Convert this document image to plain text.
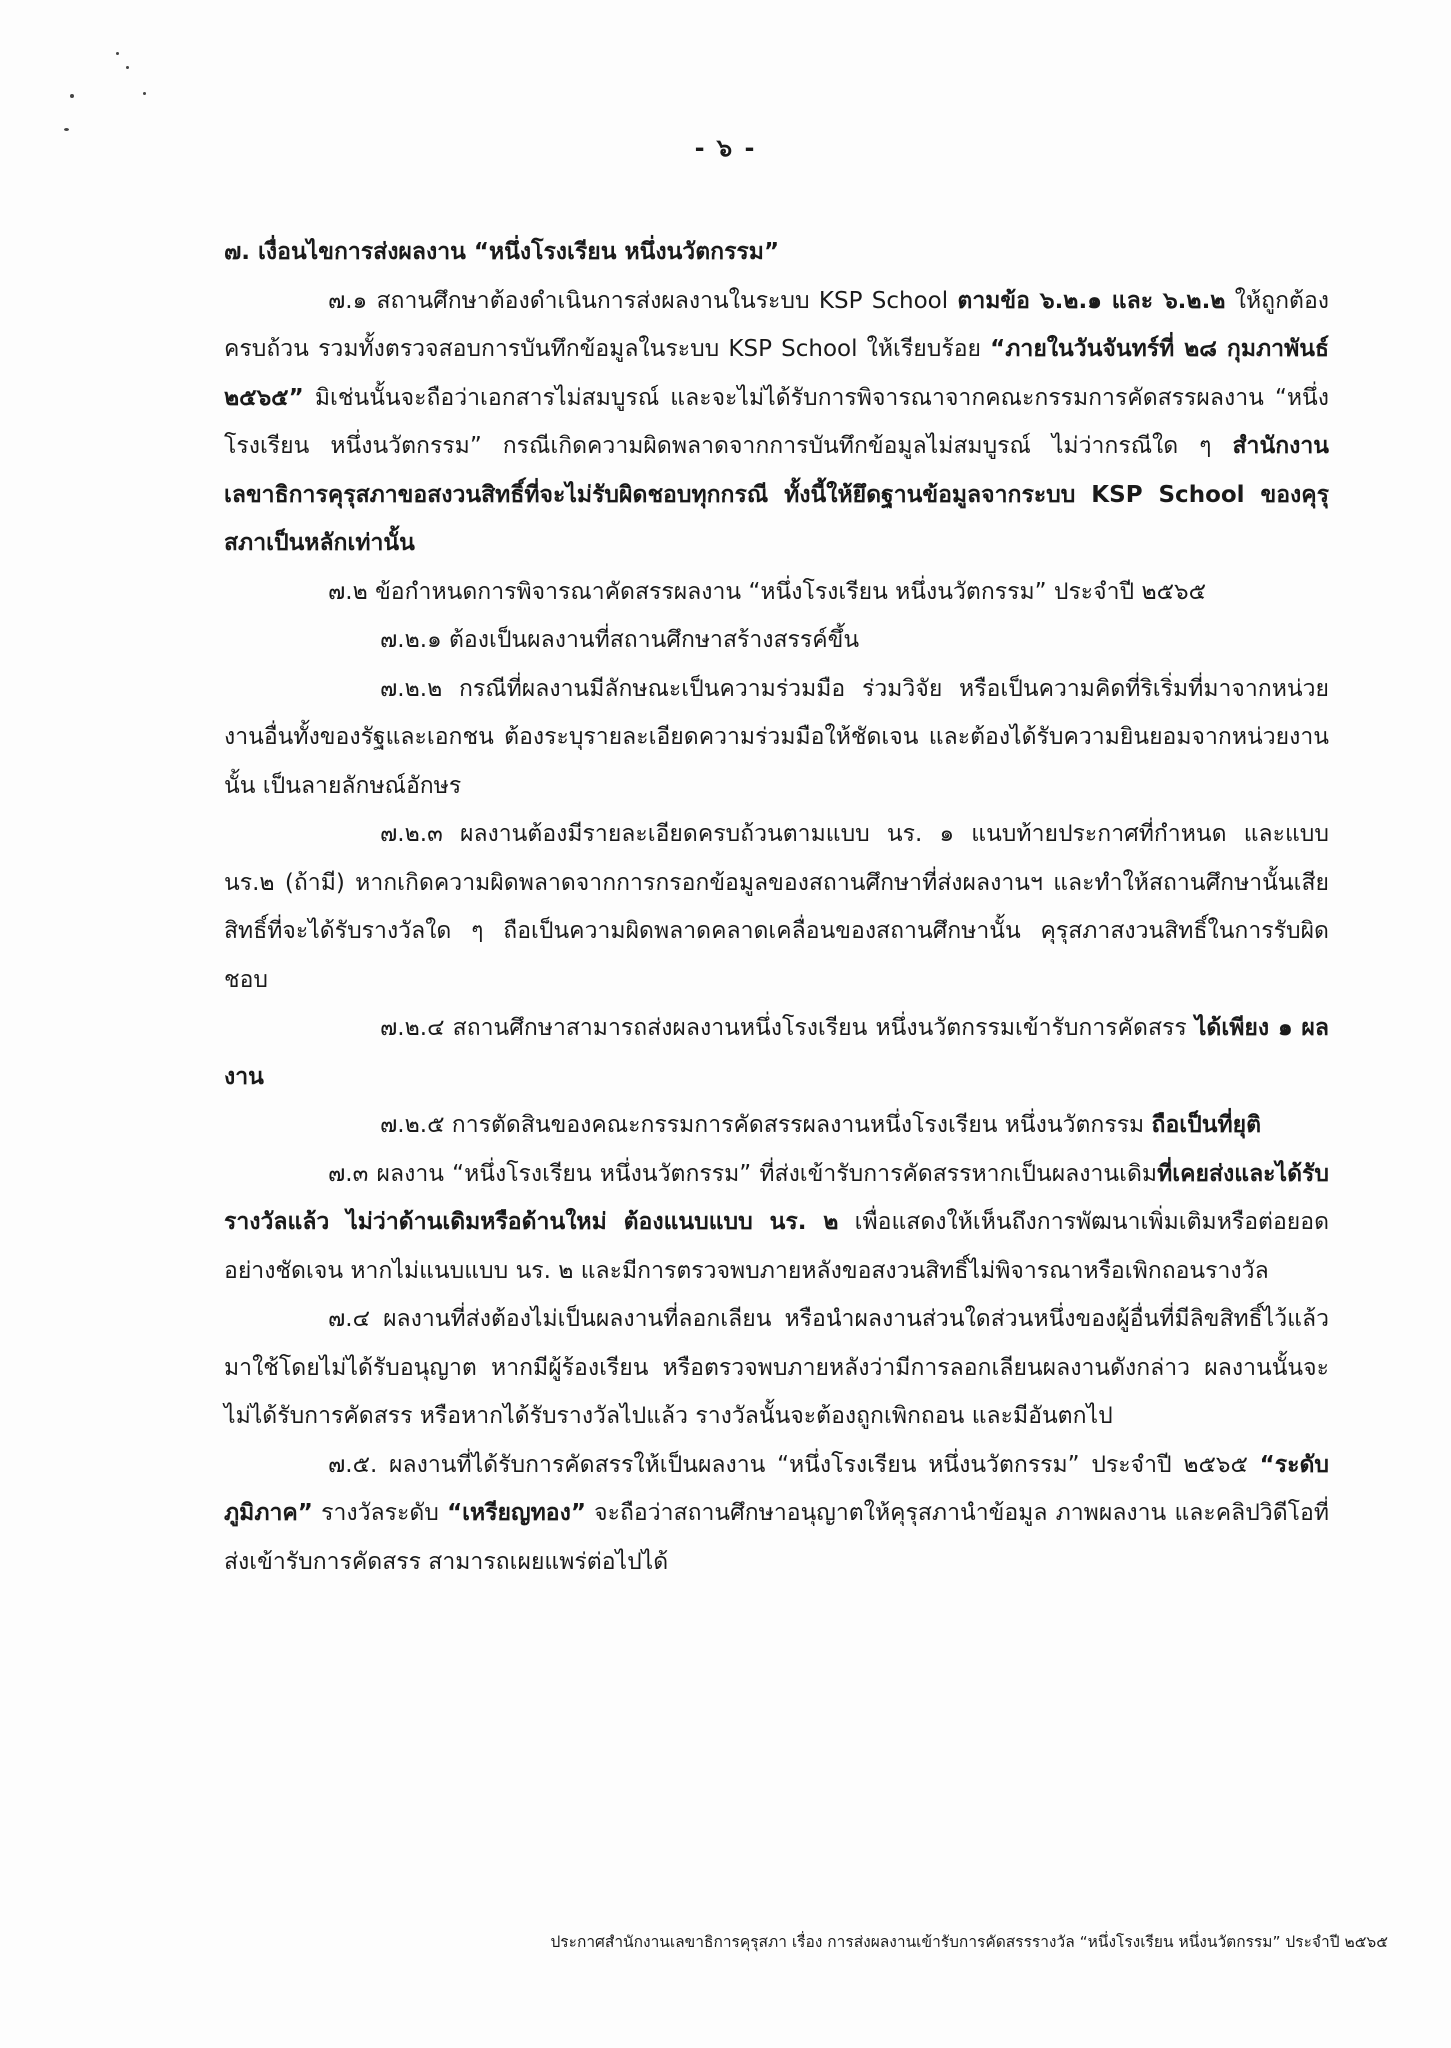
- ๖ -

๗. เงื่อนไขการส่งผลงาน “หนึ่งโรงเรียน หนึ่งนวัตกรรม”

๗.๑ สถานศึกษาต้องดำเนินการส่งผลงานในระบบ KSP School ตามข้อ ๖.๒.๑ และ ๖.๒.๒ ให้ถูกต้อง ครบถ้วน รวมทั้งตรวจสอบการบันทึกข้อมูลในระบบ KSP School ให้เรียบร้อย “ภายในวันจันทร์ที่ ๒๘ กุมภาพันธ์ ๒๕๖๕” มิเช่นนั้นจะถือว่าเอกสารไม่สมบูรณ์ และจะไม่ได้รับการพิจารณาจากคณะกรรมการคัดสรรผลงาน “หนึ่งโรงเรียน หนึ่งนวัตกรรม” กรณีเกิดความผิดพลาดจากการบันทึกข้อมูลไม่สมบูรณ์ ไม่ว่ากรณีใด ๆ สำนักงานเลขาธิการคุรุสภาขอสงวนสิทธิ์ที่จะไม่รับผิดชอบทุกกรณี ทั้งนี้ให้ยึดฐานข้อมูลจากระบบ KSP School ของคุรุสภาเป็นหลักเท่านั้น

๗.๒ ข้อกำหนดการพิจารณาคัดสรรผลงาน “หนึ่งโรงเรียน หนึ่งนวัตกรรม” ประจำปี ๒๕๖๕

๗.๒.๑ ต้องเป็นผลงานที่สถานศึกษาสร้างสรรค์ขึ้น

๗.๒.๒ กรณีที่ผลงานมีลักษณะเป็นความร่วมมือ ร่วมวิจัย หรือเป็นความคิดที่ริเริ่มที่มาจากหน่วยงานอื่นทั้งของรัฐและเอกชน ต้องระบุรายละเอียดความร่วมมือให้ชัดเจน และต้องได้รับความยินยอมจากหน่วยงานนั้น เป็นลายลักษณ์อักษร

๗.๒.๓ ผลงานต้องมีรายละเอียดครบถ้วนตามแบบ นร. ๑ แนบท้ายประกาศที่กำหนด และแบบ นร.๒ (ถ้ามี) หากเกิดความผิดพลาดจากการกรอกข้อมูลของสถานศึกษาที่ส่งผลงานฯ และทำให้สถานศึกษานั้นเสียสิทธิ์ที่จะได้รับรางวัลใด ๆ ถือเป็นความผิดพลาดคลาดเคลื่อนของสถานศึกษานั้น คุรุสภาสงวนสิทธิ์ในการรับผิดชอบ

๗.๒.๔ สถานศึกษาสามารถส่งผลงานหนึ่งโรงเรียน หนึ่งนวัตกรรมเข้ารับการคัดสรร ได้เพียง ๑ ผลงาน

๗.๒.๕ การตัดสินของคณะกรรมการคัดสรรผลงานหนึ่งโรงเรียน หนึ่งนวัตกรรม ถือเป็นที่ยุติ

๗.๓ ผลงาน “หนึ่งโรงเรียน หนึ่งนวัตกรรม” ที่ส่งเข้ารับการคัดสรรหากเป็นผลงานเดิมที่เคยส่งและได้รับรางวัลแล้ว ไม่ว่าด้านเดิมหรือด้านใหม่ ต้องแนบแบบ นร. ๒ เพื่อแสดงให้เห็นถึงการพัฒนาเพิ่มเติมหรือต่อยอดอย่างชัดเจน หากไม่แนบแบบ นร. ๒ และมีการตรวจพบภายหลังขอสงวนสิทธิ์ไม่พิจารณาหรือเพิกถอนรางวัล

๗.๔ ผลงานที่ส่งต้องไม่เป็นผลงานที่ลอกเลียน หรือนำผลงานส่วนใดส่วนหนึ่งของผู้อื่นที่มีลิขสิทธิ์ไว้แล้วมาใช้โดยไม่ได้รับอนุญาต หากมีผู้ร้องเรียน หรือตรวจพบภายหลังว่ามีการลอกเลียนผลงานดังกล่าว ผลงานนั้นจะไม่ได้รับการคัดสรร หรือหากได้รับรางวัลไปแล้ว รางวัลนั้นจะต้องถูกเพิกถอน และมีอันตกไป

๗.๕. ผลงานที่ได้รับการคัดสรรให้เป็นผลงาน “หนึ่งโรงเรียน หนึ่งนวัตกรรม” ประจำปี ๒๕๖๕ “ระดับภูมิภาค” รางวัลระดับ “เหรียญทอง” จะถือว่าสถานศึกษาอนุญาตให้คุรุสภานำข้อมูล ภาพผลงาน และคลิปวิดีโอที่ส่งเข้ารับการคัดสรร สามารถเผยแพร่ต่อไปได้

ประกาศสำนักงานเลขาธิการคุรุสภา เรื่อง การส่งผลงานเข้ารับการคัดสรรรางวัล “หนึ่งโรงเรียน หนึ่งนวัตกรรม” ประจำปี ๒๕๖๕
